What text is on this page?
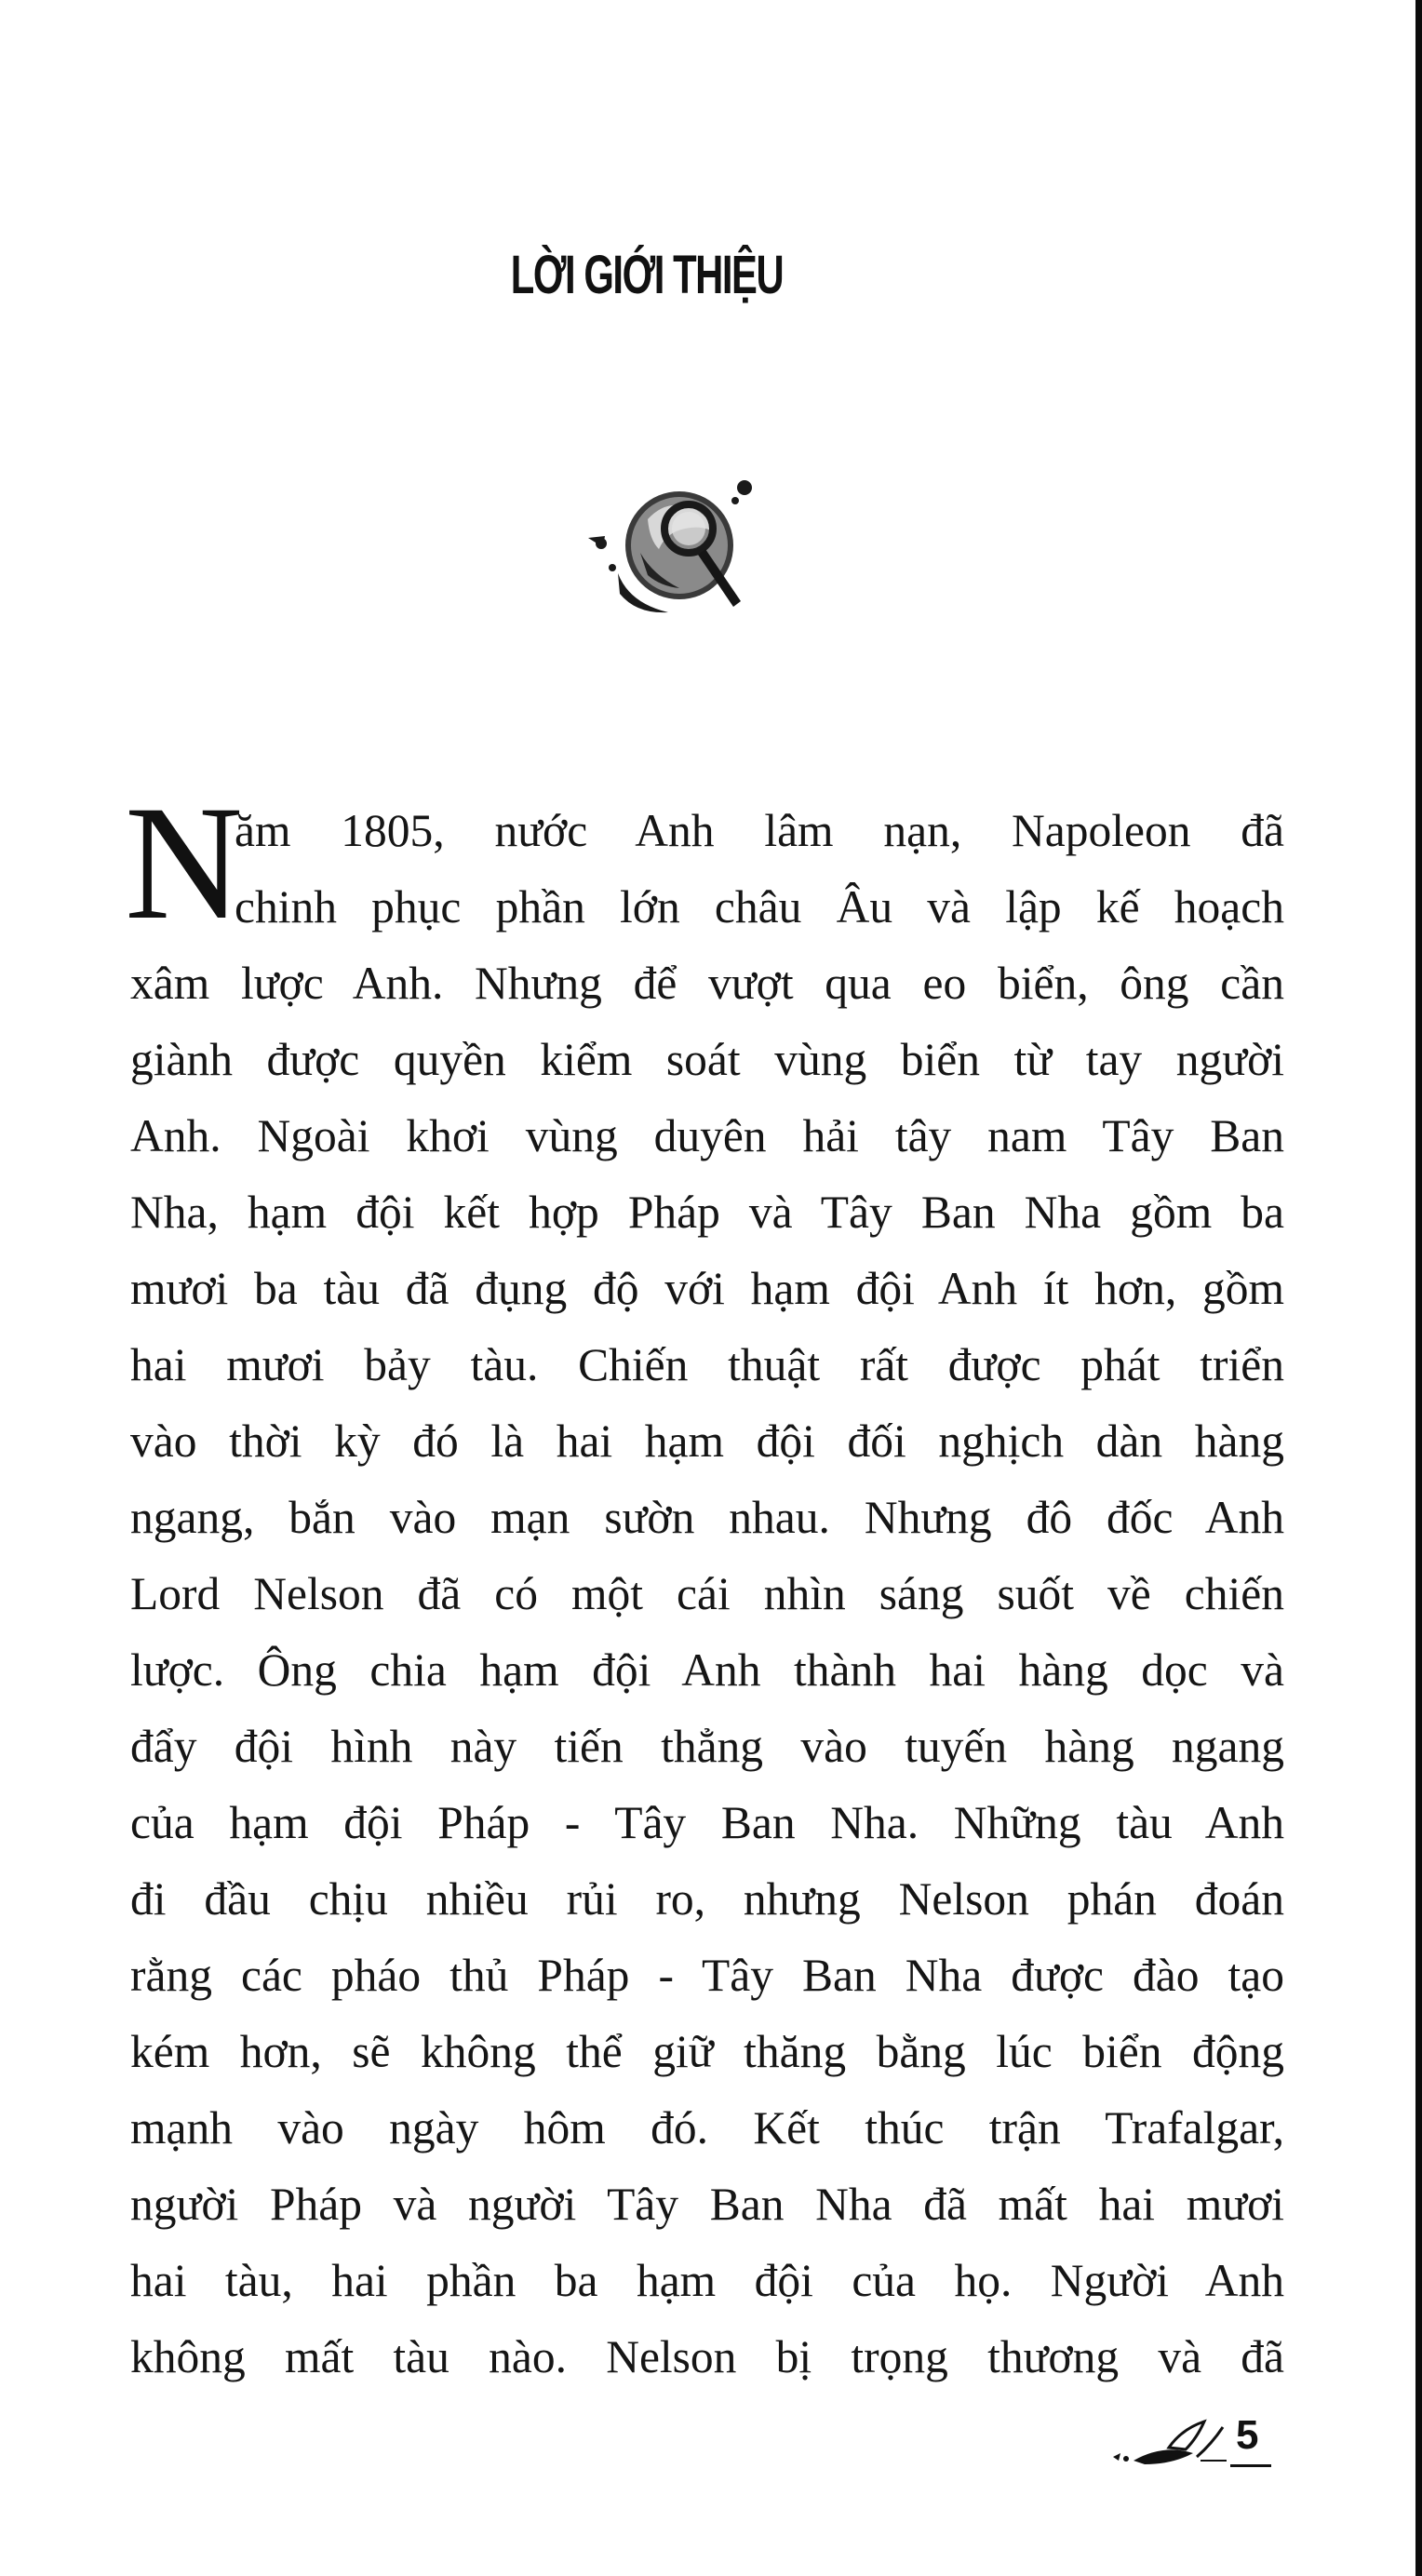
LỜI GIỚI THIỆU
N
ăm 1805, nước Anh lâm nạn, Napoleon đã
chinh phục phần lớn châu Âu và lập kế hoạch
xâm lược Anh. Nhưng để vượt qua eo biển, ông cần
giành được quyền kiểm soát vùng biển từ tay người
Anh. Ngoài khơi vùng duyên hải tây nam Tây Ban
Nha, hạm đội kết hợp Pháp và Tây Ban Nha gồm ba
mươi ba tàu đã đụng độ với hạm đội Anh ít hơn, gồm
hai mươi bảy tàu. Chiến thuật rất được phát triển
vào thời kỳ đó là hai hạm đội đối nghịch dàn hàng
ngang, bắn vào mạn sườn nhau. Nhưng đô đốc Anh
Lord Nelson đã có một cái nhìn sáng suốt về chiến
lược. Ông chia hạm đội Anh thành hai hàng dọc và
đẩy đội hình này tiến thẳng vào tuyến hàng ngang
của hạm đội Pháp - Tây Ban Nha. Những tàu Anh
đi đầu chịu nhiều rủi ro, nhưng Nelson phán đoán
rằng các pháo thủ Pháp - Tây Ban Nha được đào tạo
kém hơn, sẽ không thể giữ thăng bằng lúc biển động
mạnh vào ngày hôm đó. Kết thúc trận Trafalgar,
người Pháp và người Tây Ban Nha đã mất hai mươi
hai tàu, hai phần ba hạm đội của họ. Người Anh
không mất tàu nào. Nelson bị trọng thương và đã
5
